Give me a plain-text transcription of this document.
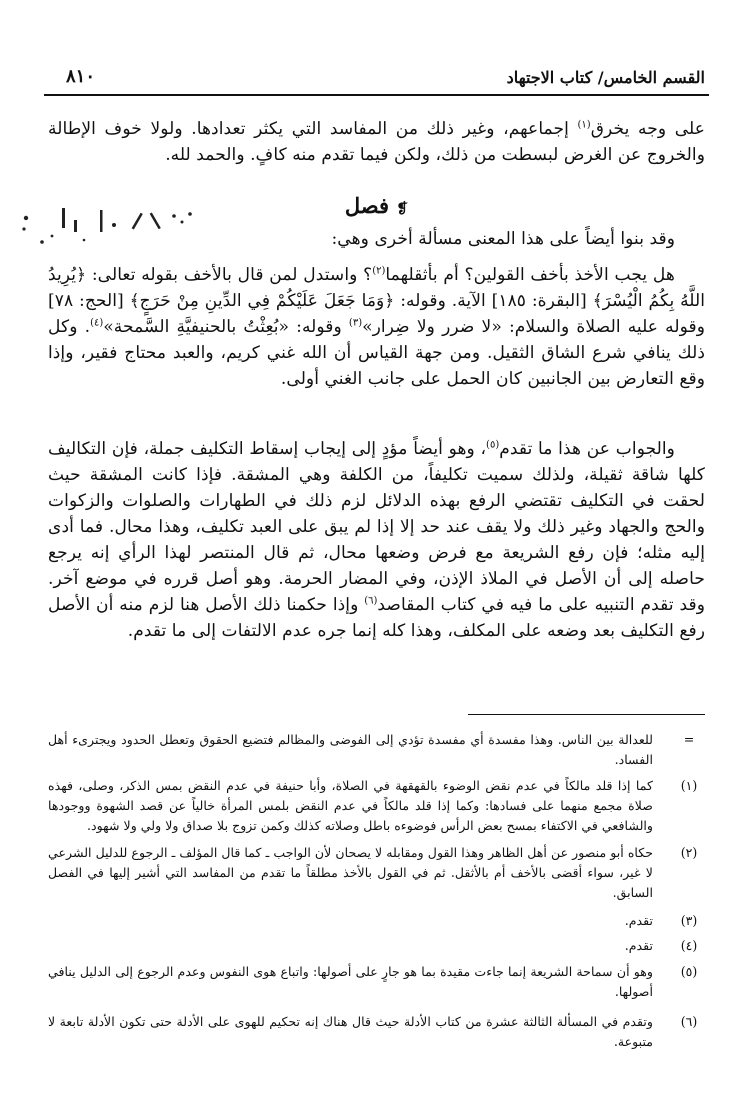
٨١٠	القسم الخامس/ كتاب الاجتهاد

على وجه يخرق$^{(١)}$ إجماعهم، وغير ذلك من المفاسد التي يكثر تعدادها. ولولا خوف الإطالة والخروج عن الغرض لبسطت من ذلك، ولكن فيما تقدم منه كافٍ. والحمد لله.

❡ فصل

وقد بنوا أيضاً على هذا المعنى مسألة أخرى وهي:

هل يجب الأخذ بأخف القولين؟ أم بأثقلهما$^{(٢)}$؟ واستدل لمن قال بالأخف بقوله تعالى: ﴿يُرِيدُ اللَّهُ بِكُمُ الْيُسْرَ﴾ [البقرة: ١٨٥] الآية. وقوله: ﴿وَمَا جَعَلَ عَلَيْكُمْ فِي الدِّينِ مِنْ حَرَجٍ﴾ [الحج: ٧٨] وقوله عليه الصلاة والسلام: «لا ضرر ولا ضِرار»$^{(٣)}$ وقوله: «بُعِثْتُ بالحنيفيَّةِ السَّمحة»$^{(٤)}$. وكل ذلك ينافي شرع الشاق الثقيل. ومن جهة القياس أن الله غني كريم، والعبد محتاج فقير، وإذا وقع التعارض بين الجانبين كان الحمل على جانب الغني أولى.

والجواب عن هذا ما تقدم$^{(٥)}$، وهو أيضاً مؤدٍ إلى إيجاب إسقاط التكليف جملة، فإن التكاليف كلها شاقة ثقيلة، ولذلك سميت تكليفاً، من الكلفة وهي المشقة. فإذا كانت المشقة حيث لحقت في التكليف تقتضي الرفع بهذه الدلائل لزم ذلك في الطهارات والصلوات والزكوات والحج والجهاد وغير ذلك ولا يقف عند حد إلا إذا لم يبق على العبد تكليف، وهذا محال. فما أدى إليه مثله؛ فإن رفع الشريعة مع فرض وضعها محال، ثم قال المنتصر لهذا الرأي إنه يرجع حاصله إلى أن الأصل في الملاذ الإذن، وفي المضار الحرمة. وهو أصل قرره في موضع آخر. وقد تقدم التنبيه على ما فيه في كتاب المقاصد$^{(٦)}$ وإذا حكمنا ذلك الأصل هنا لزم منه أن الأصل رفع التكليف بعد وضعه على المكلف، وهذا كله إنما جره عدم الالتفات إلى ما تقدم.

=
للعدالة بين الناس. وهذا مفسدة أي مفسدة تؤدي إلى الفوضى والمظالم فتضيع الحقوق وتعطل الحدود ويجترىء أهل الفساد.
(١)
كما إذا قلد مالكاً في عدم نقض الوضوء بالقهقهة في الصلاة، وأبا حنيفة في عدم النقض بمس الذكر، وصلى، فهذه صلاة مجمع منهما على فسادها: وكما إذا قلد مالكاً في عدم النقض بلمس المرأة خالياً عن قصد الشهوة ووجودها والشافعي في الاكتفاء بمسح بعض الرأس فوضوءه باطل وصلاته كذلك وكمن تزوج بلا صداق ولا ولي ولا شهود.
(٢)
حكاه أبو منصور عن أهل الظاهر وهذا القول ومقابله لا يصحان لأن الواجب ـ كما قال المؤلف ـ الرجوع للدليل الشرعي لا غير، سواء أقضى بالأخف أم بالأثقل. ثم في القول بالأخذ مطلقاً ما تقدم من المفاسد التي أشير إليها في الفصل السابق.
(٣)
تقدم.
(٤)
تقدم.
(٥)
وهو أن سماحة الشريعة إنما جاءت مقيدة بما هو جارٍ على أصولها: واتباع هوى النفوس وعدم الرجوع إلى الدليل ينافي أصولها.
(٦)
وتقدم في المسألة الثالثة عشرة من كتاب الأدلة حيث قال هناك إنه تحكيم للهوى على الأدلة حتى تكون الأدلة تابعة لا متبوعة.
